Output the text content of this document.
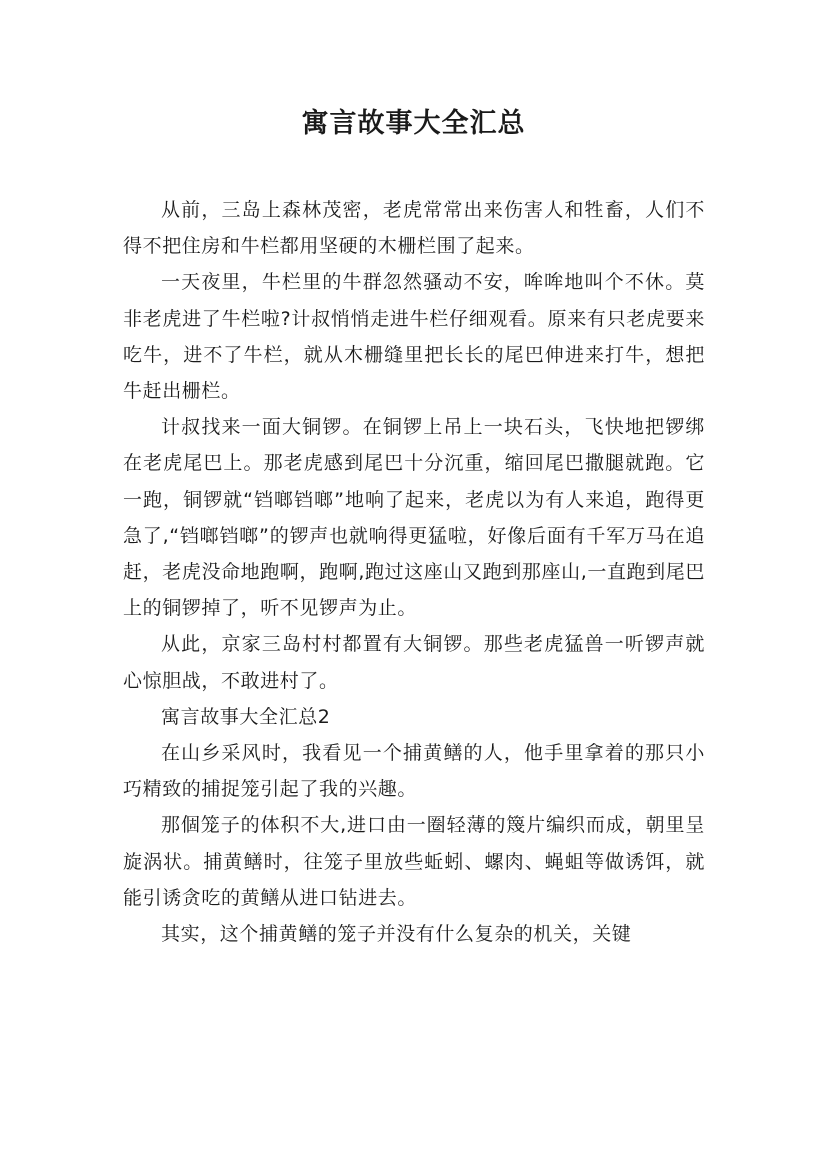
寓言故事大全汇总

从前，三岛上森林茂密，老虎常常出来伤害人和牲畜，人们不得不把住房和牛栏都用坚硬的木栅栏围了起来。

一天夜里，牛栏里的牛群忽然骚动不安，哞哞地叫个不休。莫非老虎进了牛栏啦?计叔悄悄走进牛栏仔细观看。原来有只老虎要来吃牛，进不了牛栏，就从木栅缝里把长长的尾巴伸进来打牛，想把牛赶出栅栏。

计叔找来一面大铜锣。在铜锣上吊上一块石头，飞快地把锣绑在老虎尾巴上。那老虎感到尾巴十分沉重，缩回尾巴撒腿就跑。它一跑，铜锣就“铛啷铛啷”地响了起来，老虎以为有人来追，跑得更急了,“铛啷铛啷”的锣声也就响得更猛啦，好像后面有千军万马在追赶，老虎没命地跑啊，跑啊,跑过这座山又跑到那座山,一直跑到尾巴上的铜锣掉了，听不见锣声为止。

从此，京家三岛村村都置有大铜锣。那些老虎猛兽一听锣声就心惊胆战，不敢进村了。

寓言故事大全汇总2

在山乡采风时，我看见一个捕黄鳝的人，他手里拿着的那只小巧精致的捕捉笼引起了我的兴趣。

那個笼子的体积不大,进口由一圈轻薄的篾片编织而成，朝里呈旋涡状。捕黄鳝时，往笼子里放些蚯蚓、螺肉、蝇蛆等做诱饵，就能引诱贪吃的黄鳝从进口钻进去。

其实，这个捕黄鳝的笼子并没有什么复杂的机关，关键
